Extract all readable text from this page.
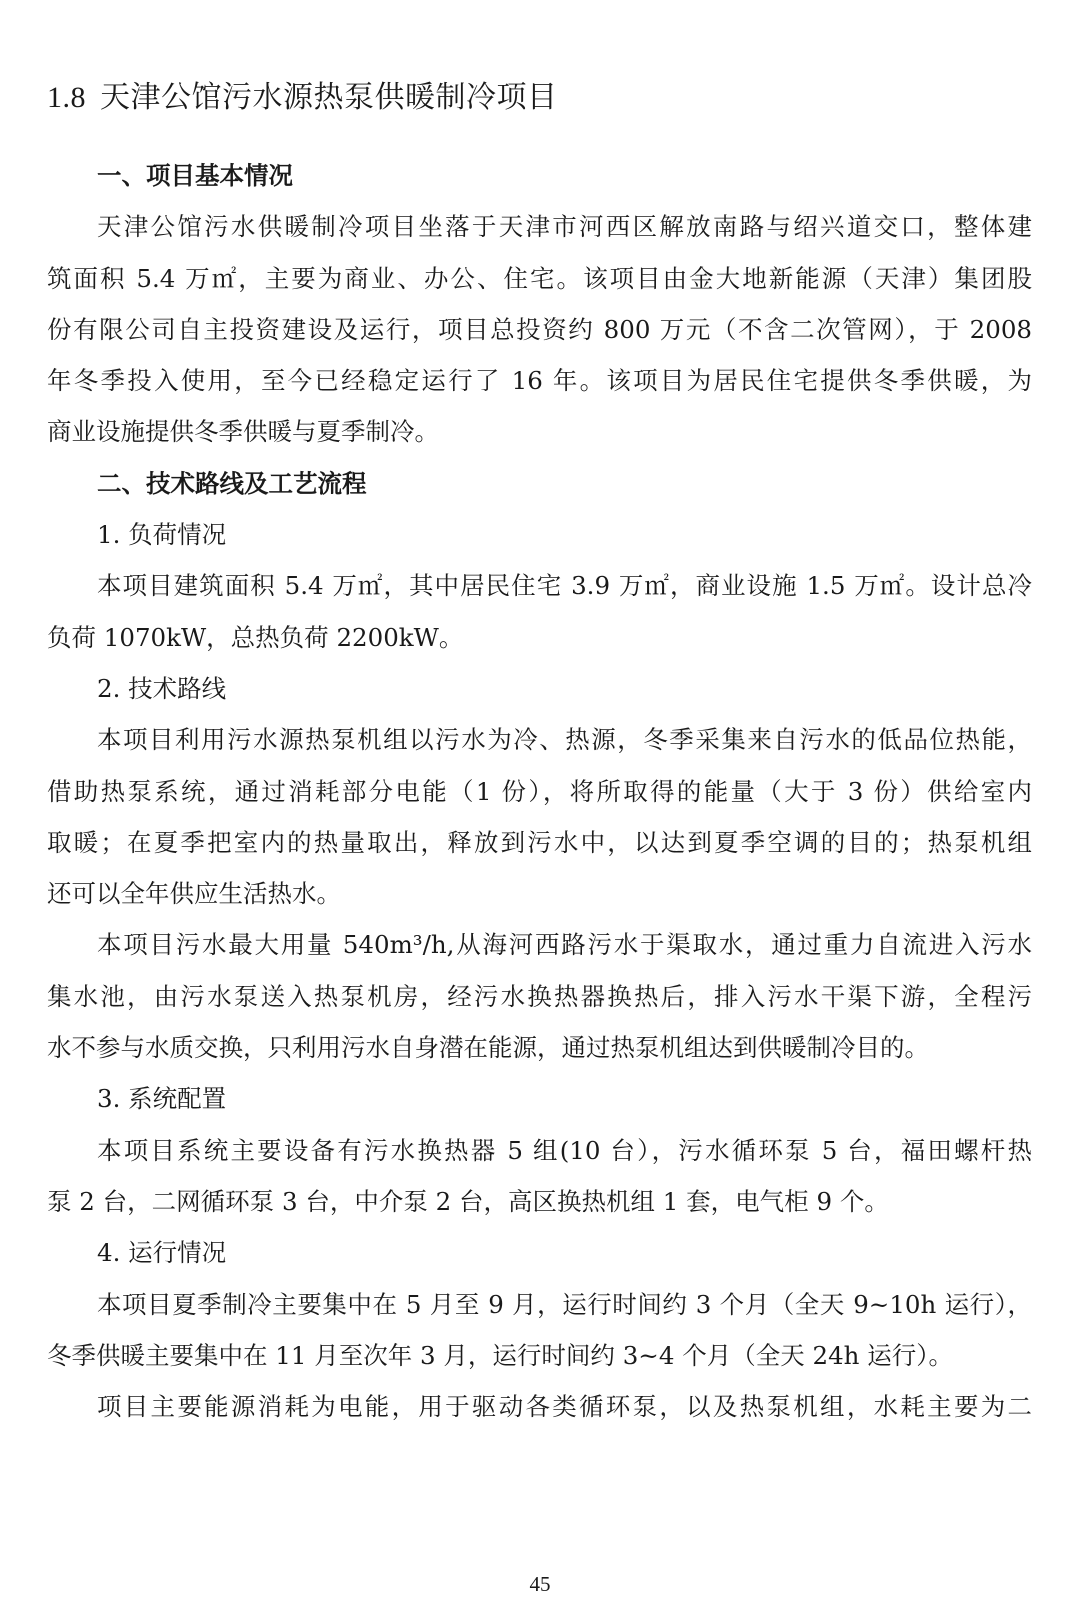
1.8 天津公馆污水源热泵供暖制冷项目
一、项目基本情况
天津公馆污水供暖制冷项目坐落于天津市河西区解放南路与绍兴道交口，整体建
筑面积 5.4 万㎡，主要为商业、办公、住宅。该项目由金大地新能源（天津）集团股
份有限公司自主投资建设及运行，项目总投资约 800 万元（不含二次管网），于 2008
年冬季投入使用，至今已经稳定运行了 16 年。该项目为居民住宅提供冬季供暖，为
商业设施提供冬季供暖与夏季制冷。
二、技术路线及工艺流程
1. 负荷情况
本项目建筑面积 5.4 万㎡，其中居民住宅 3.9 万㎡，商业设施 1.5 万㎡。设计总冷
负荷 1070kW，总热负荷 2200kW。
2. 技术路线
本项目利用污水源热泵机组以污水为冷、热源，冬季采集来自污水的低品位热能，
借助热泵系统，通过消耗部分电能（1 份），将所取得的能量（大于 3 份）供给室内
取暖；在夏季把室内的热量取出，释放到污水中，以达到夏季空调的目的；热泵机组
还可以全年供应生活热水。
本项目污水最大用量 540m³/h,从海河西路污水于渠取水，通过重力自流进入污水
集水池，由污水泵送入热泵机房，经污水换热器换热后，排入污水干渠下游，全程污
水不参与水质交换，只利用污水自身潜在能源，通过热泵机组达到供暖制冷目的。
3. 系统配置
本项目系统主要设备有污水换热器 5 组(10 台），污水循环泵 5 台，福田螺杆热
泵 2 台，二网循环泵 3 台，中介泵 2 台，高区换热机组 1 套，电气柜 9 个。
4. 运行情况
本项目夏季制冷主要集中在 5 月至 9 月，运行时间约 3 个月（全天 9~10h 运行），
冬季供暖主要集中在 11 月至次年 3 月，运行时间约 3~4 个月（全天 24h 运行）。
项目主要能源消耗为电能，用于驱动各类循环泵，以及热泵机组，水耗主要为二
45
